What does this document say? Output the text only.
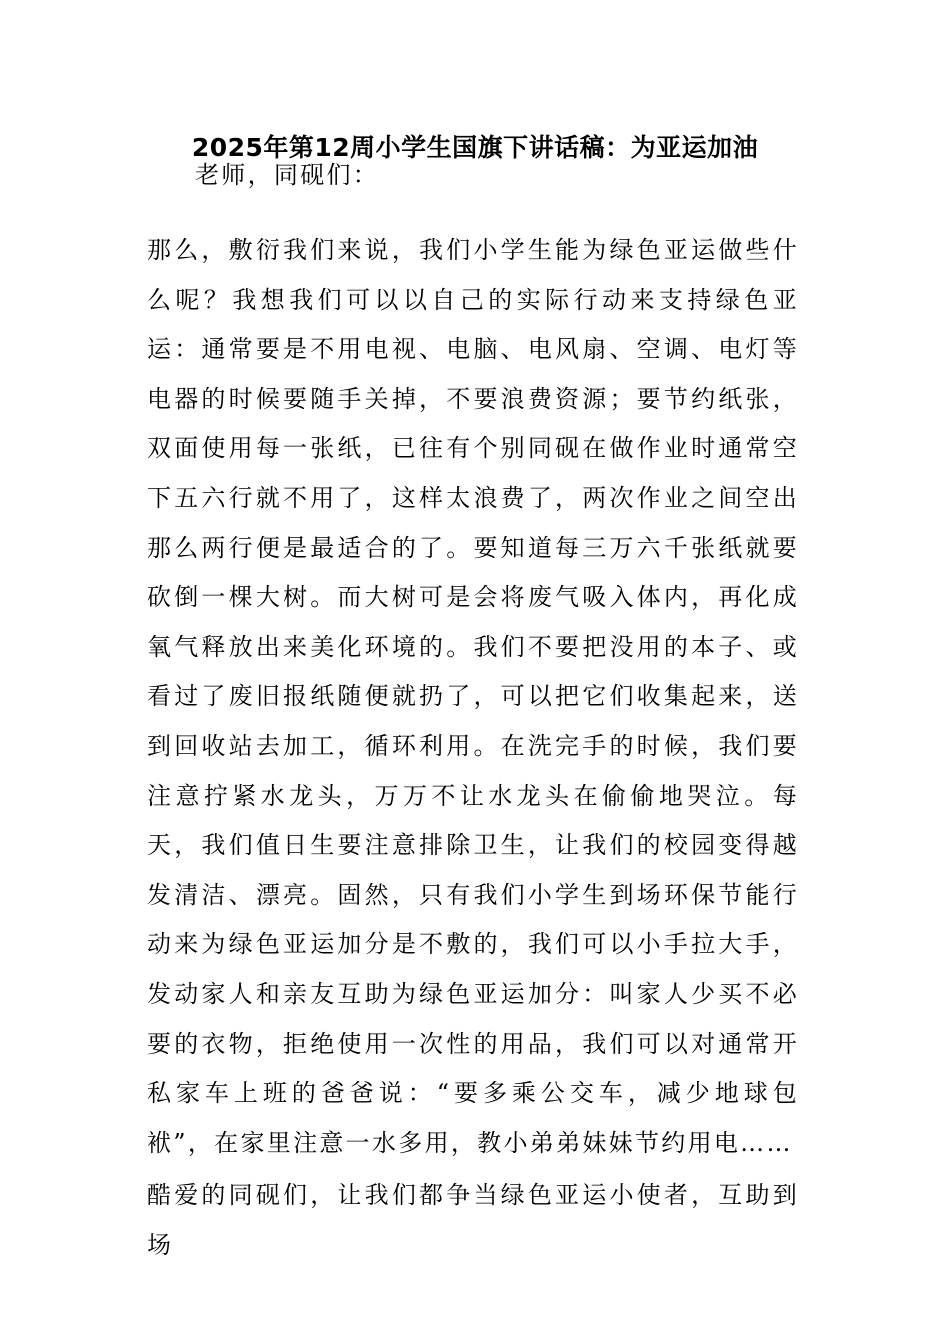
2025年第12周小学生国旗下讲话稿：为亚运加油
老师，同砚们：
那么，敷衍我们来说，我们小学生能为绿色亚运做些什么呢？我想我们可以以自己的实际行动来支持绿色亚运：通常要是不用电视、电脑、电风扇、空调、电灯等电器的时候要随手关掉，不要浪费资源；要节约纸张，双面使用每一张纸，已往有个别同砚在做作业时通常空下五六行就不用了，这样太浪费了，两次作业之间空出那么两行便是最适合的了。要知道每三万六千张纸就要砍倒一棵大树。而大树可是会将废气吸入体内，再化成氧气释放出来美化环境的。我们不要把没用的本子、或看过了废旧报纸随便就扔了，可以把它们收集起来，送到回收站去加工，循环利用。在洗完手的时候，我们要注意拧紧水龙头，万万不让水龙头在偷偷地哭泣。每天，我们值日生要注意排除卫生，让我们的校园变得越发清洁、漂亮。固然，只有我们小学生到场环保节能行动来为绿色亚运加分是不敷的，我们可以小手拉大手，发动家人和亲友互助为绿色亚运加分：叫家人少买不必要的衣物，拒绝使用一次性的用品，我们可以对通常开私家车上班的爸爸说：“要多乘公交车，减少地球包袱”，在家里注意一水多用，教小弟弟妹妹节约用电……
酷爱的同砚们，让我们都争当绿色亚运小使者，互助到场
